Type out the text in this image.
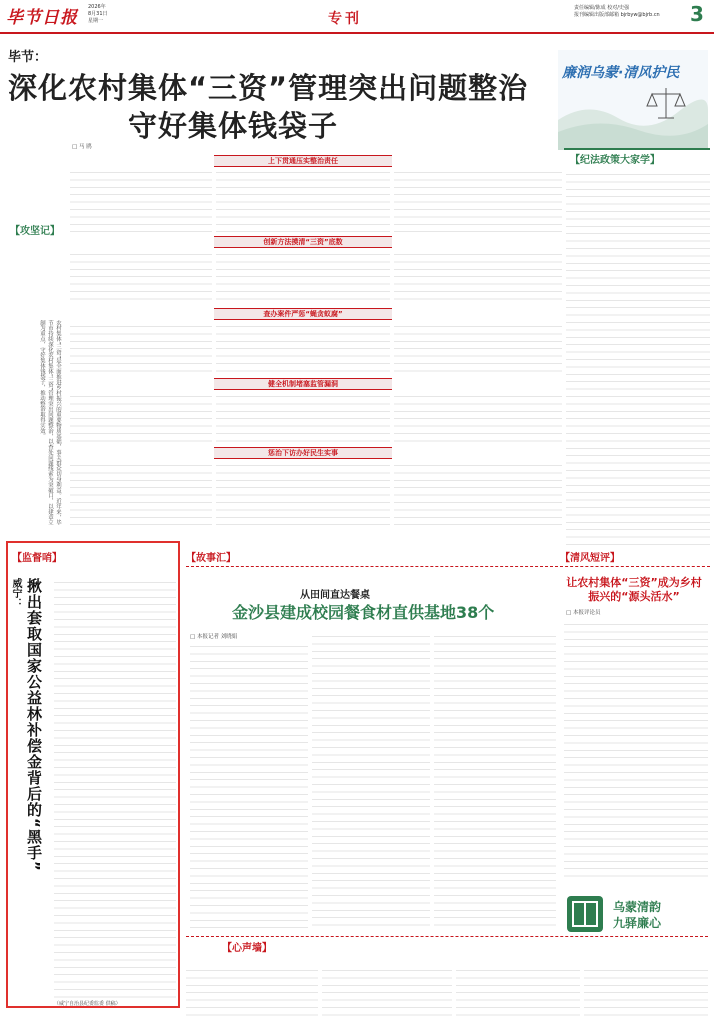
毕节日报
2026年
8月31日
星期一	专刊
责任编辑/陈成 校对/史强
报刊编辑出版部邮箱 bjrbyw@bjrb.cn 3
毕节：
深化农村集体“三资”管理突出问题整治
守好集体钱袋子
廉润乌蒙·清风护民
【攻坚记】
农村集体“三资”是全面推进乡村振兴的重要物质基础，事关群众切身利益。近年来，毕节市持续深化农村集体“三资”管理突出问题整治，以查处问题线索为突破口，以建章立制为重点，守好集体钱袋子，推动整治取得实效。
□ 马 鸥
上下贯通压实整治责任
创新方法摸清“三资”底数
查办案件严惩“蝇贪蚁腐”
健全机制堵塞监管漏洞
惩治下访办好民生实事
【纪法政策大家学】
【监督哨】
威宁： 揪出套取国家公益林补偿金背后的“黑手”
（威宁自治县纪委监委 供稿）
【故事汇】
从田间直达餐桌
金沙县建成校园餐食材直供基地38个
□ 本报记者 刘晓娟
【清风短评】
让农村集体“三资”成为乡村振兴的“源头活水”
□ 本报评论员
乌蒙清韵
九驿廉心
【心声墙】
